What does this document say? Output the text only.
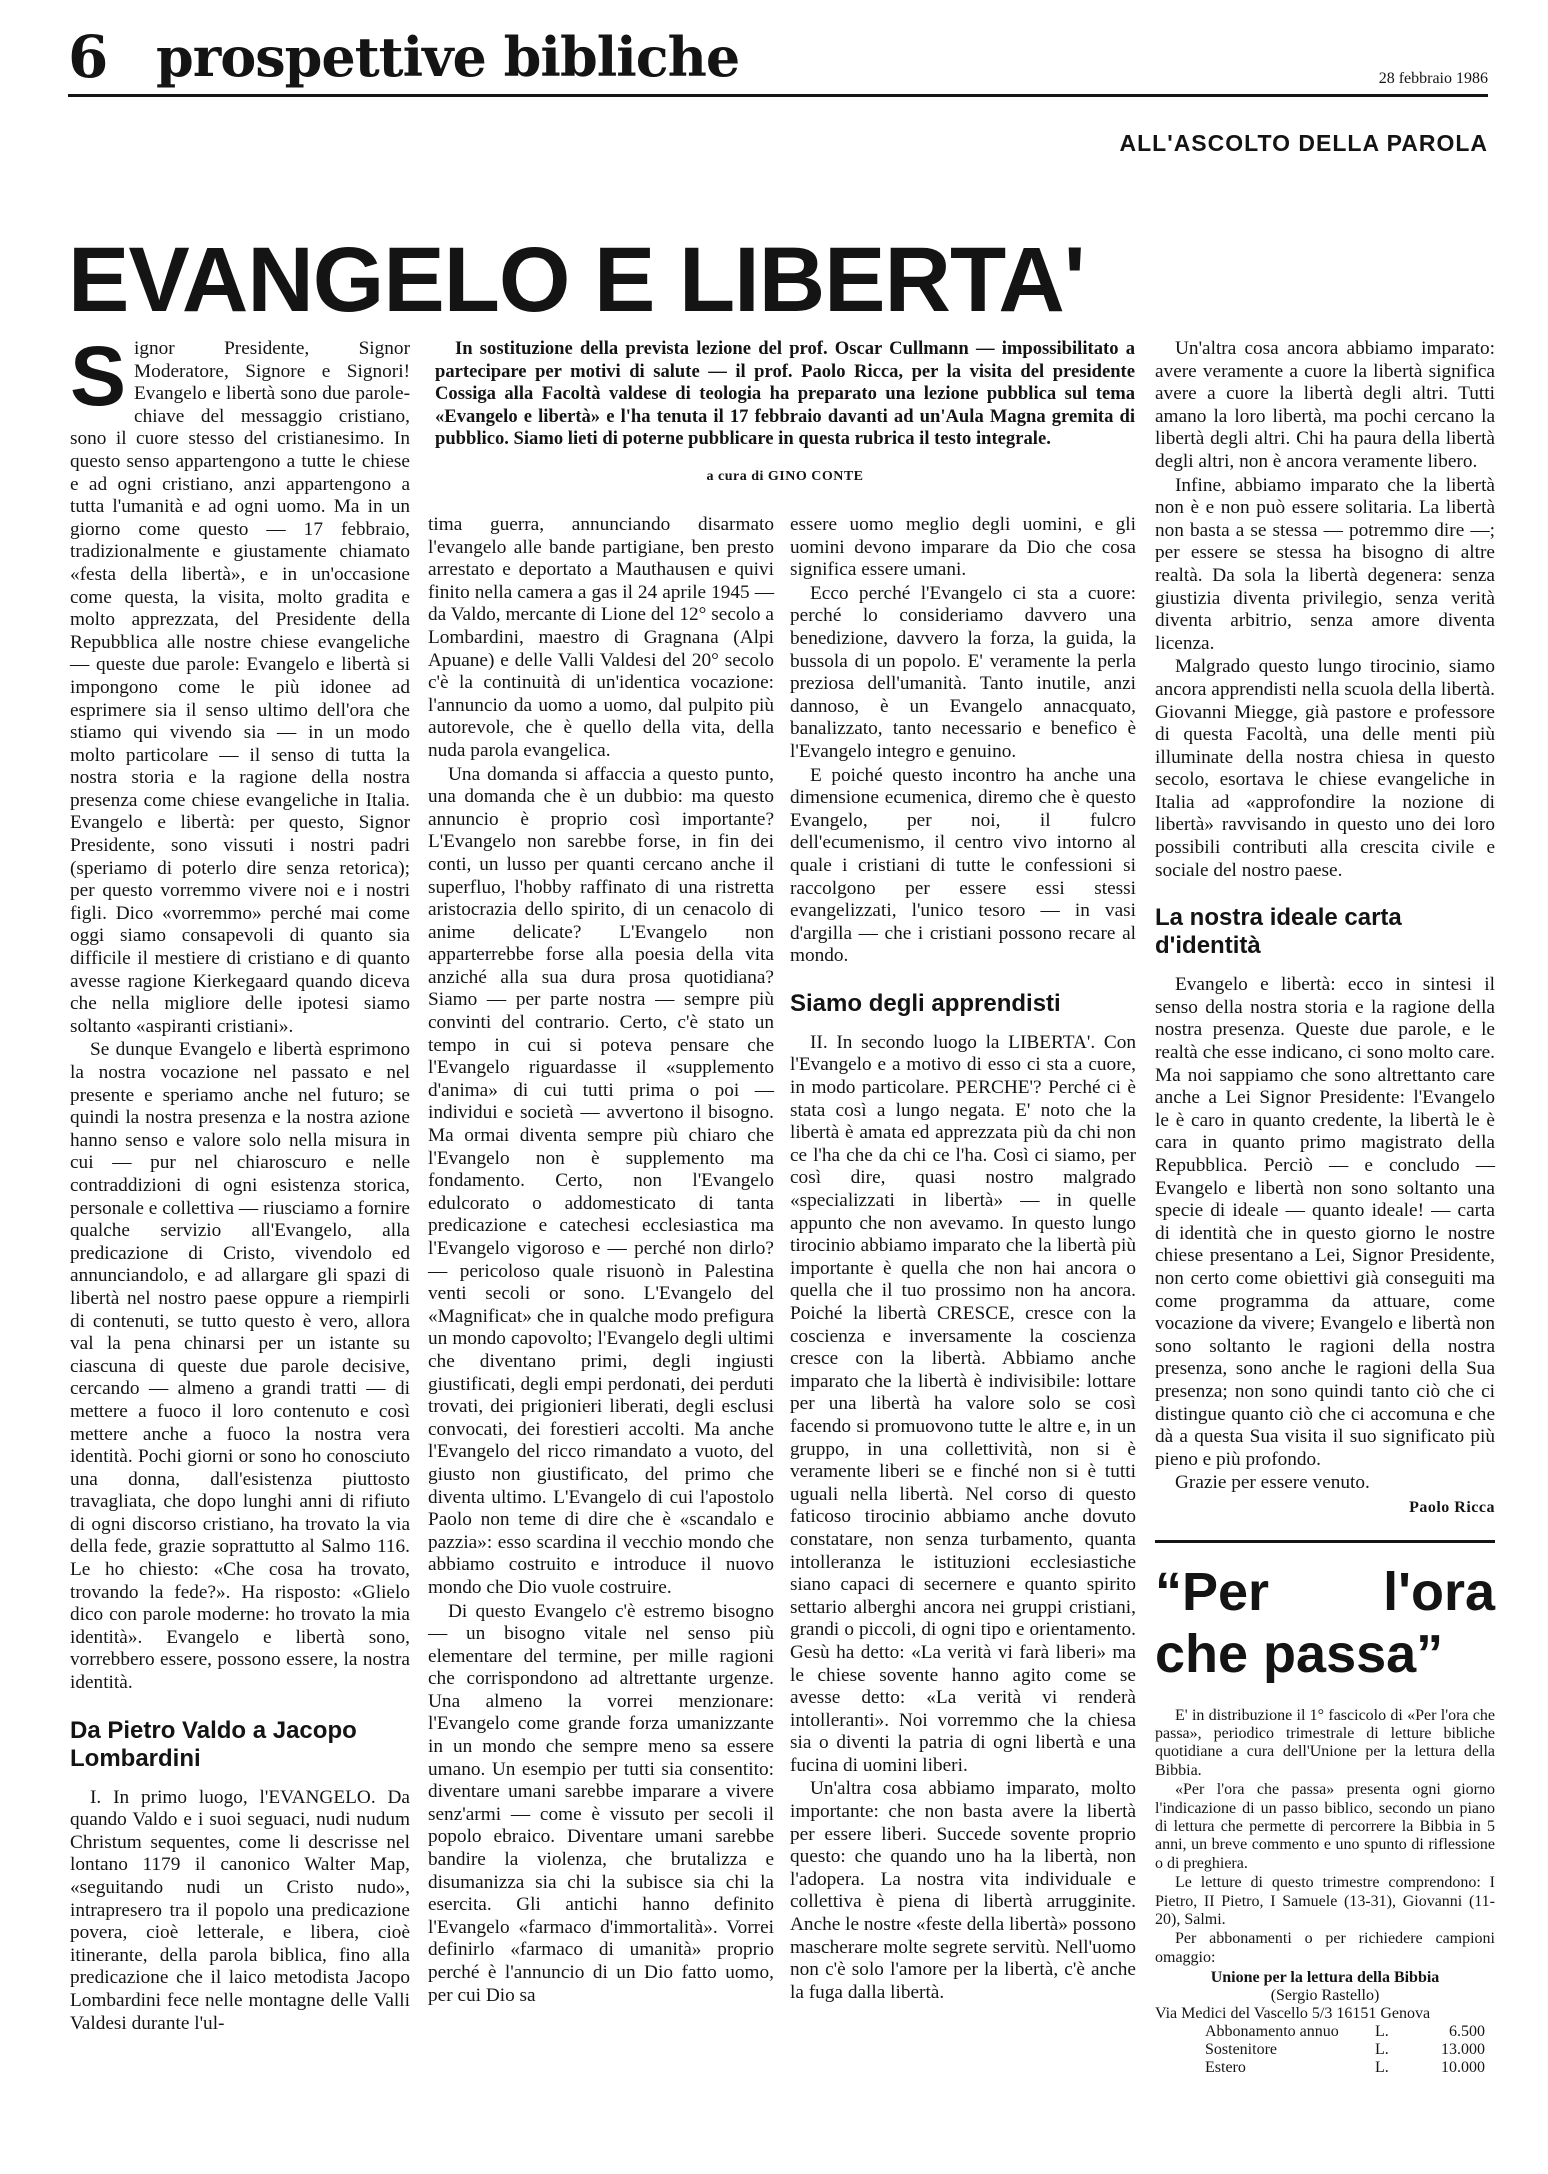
6 prospettive bibliche	28 febbraio 1986
ALL'ASCOLTO DELLA PAROLA
EVANGELO E LIBERTA'

In sostituzione della prevista lezione del prof. Oscar Cullmann — impossibilitato a partecipare per motivi di salute — il prof. Paolo Ricca, per la visita del presidente Cossiga alla Facoltà valdese di teologia ha preparato una lezione pubblica sul tema «Evangelo e libertà» e l'ha tenuta il 17 febbraio davanti ad un'Aula Magna gremita di pubblico. Siamo lieti di poterne pubblicare in questa rubrica il testo integrale.

a cura di GINO CONTE

Signor Presidente, Signor Moderatore, Signore e Signori! Evangelo e libertà sono due parole-chiave del messaggio cristiano, sono il cuore stesso del cristianesimo. In questo senso appartengono a tutte le chiese e ad ogni cristiano, anzi appartengono a tutta l'umanità e ad ogni uomo. Ma in un giorno come questo — 17 febbraio, tradizionalmente e giustamente chiamato «festa della libertà», e in un'occasione come questa, la visita, molto gradita e molto apprezzata, del Presidente della Repubblica alle nostre chiese evangeliche — queste due parole: Evangelo e libertà si impongono come le più idonee ad esprimere sia il senso ultimo dell'ora che stiamo qui vivendo sia — in un modo molto particolare — il senso di tutta la nostra storia e la ragione della nostra presenza come chiese evangeliche in Italia. Evangelo e libertà: per questo, Signor Presidente, sono vissuti i nostri padri (speriamo di poterlo dire senza retorica); per questo vorremmo vivere noi e i nostri figli. Dico «vorremmo» perché mai come oggi siamo consapevoli di quanto sia difficile il mestiere di cristiano e di quanto avesse ragione Kierkegaard quando diceva che nella migliore delle ipotesi siamo soltanto «aspiranti cristiani».

Se dunque Evangelo e libertà esprimono la nostra vocazione nel passato e nel presente e speriamo anche nel futuro; se quindi la nostra presenza e la nostra azione hanno senso e valore solo nella misura in cui — pur nel chiaroscuro e nelle contraddizioni di ogni esistenza storica, personale e collettiva — riusciamo a fornire qualche servizio all'Evangelo, alla predicazione di Cristo, vivendolo ed annunciandolo, e ad allargare gli spazi di libertà nel nostro paese oppure a riempirli di contenuti, se tutto questo è vero, allora val la pena chinarsi per un istante su ciascuna di queste due parole decisive, cercando — almeno a grandi tratti — di mettere a fuoco il loro contenuto e così mettere anche a fuoco la nostra vera identità. Pochi giorni or sono ho conosciuto una donna, dall'esistenza piuttosto travagliata, che dopo lunghi anni di rifiuto di ogni discorso cristiano, ha trovato la via della fede, grazie soprattutto al Salmo 116. Le ho chiesto: «Che cosa ha trovato, trovando la fede?». Ha risposto: «Glielo dico con parole moderne: ho trovato la mia identità». Evangelo e libertà sono, vorrebbero essere, possono essere, la nostra identità.

Da Pietro Valdo a Jacopo Lombardini

I. In primo luogo, l'EVANGELO. Da quando Valdo e i suoi seguaci, nudi nudum Christum sequentes, come li descrisse nel lontano 1179 il canonico Walter Map, «seguitando nudi un Cristo nudo», intrapresero tra il popolo una predicazione povera, cioè letterale, e libera, cioè itinerante, della parola biblica, fino alla predicazione che il laico metodista Jacopo Lombardini fece nelle montagne delle Valli Valdesi durante l'ul-

tima guerra, annunciando disarmato l'evangelo alle bande partigiane, ben presto arrestato e deportato a Mauthausen e quivi finito nella camera a gas il 24 aprile 1945 — da Valdo, mercante di Lione del 12° secolo a Lombardini, maestro di Gragnana (Alpi Apuane) e delle Valli Valdesi del 20° secolo c'è la continuità di un'identica vocazione: l'annuncio da uomo a uomo, dal pulpito più autorevole, che è quello della vita, della nuda parola evangelica.

Una domanda si affaccia a questo punto, una domanda che è un dubbio: ma questo annuncio è proprio così importante? L'Evangelo non sarebbe forse, in fin dei conti, un lusso per quanti cercano anche il superfluo, l'hobby raffinato di una ristretta aristocrazia dello spirito, di un cenacolo di anime delicate? L'Evangelo non apparterrebbe forse alla poesia della vita anziché alla sua dura prosa quotidiana? Siamo — per parte nostra — sempre più convinti del contrario. Certo, c'è stato un tempo in cui si poteva pensare che l'Evangelo riguardasse il «supplemento d'anima» di cui tutti prima o poi — individui e società — avvertono il bisogno. Ma ormai diventa sempre più chiaro che l'Evangelo non è supplemento ma fondamento. Certo, non l'Evangelo edulcorato o addomesticato di tanta predicazione e catechesi ecclesiastica ma l'Evangelo vigoroso e — perché non dirlo? — pericoloso quale risuonò in Palestina venti secoli or sono. L'Evangelo del «Magnificat» che in qualche modo prefigura un mondo capovolto; l'Evangelo degli ultimi che diventano primi, degli ingiusti giustificati, degli empi perdonati, dei perduti trovati, dei prigionieri liberati, degli esclusi convocati, dei forestieri accolti. Ma anche l'Evangelo del ricco rimandato a vuoto, del giusto non giustificato, del primo che diventa ultimo. L'Evangelo di cui l'apostolo Paolo non teme di dire che è «scandalo e pazzia»: esso scardina il vecchio mondo che abbiamo costruito e introduce il nuovo mondo che Dio vuole costruire.

Di questo Evangelo c'è estremo bisogno — un bisogno vitale nel senso più elementare del termine, per mille ragioni che corrispondono ad altrettante urgenze. Una almeno la vorrei menzionare: l'Evangelo come grande forza umanizzante in un mondo che sempre meno sa essere umano. Un esempio per tutti sia consentito: diventare umani sarebbe imparare a vivere senz'armi — come è vissuto per secoli il popolo ebraico. Diventare umani sarebbe bandire la violenza, che brutalizza e disumanizza sia chi la subisce sia chi la esercita. Gli antichi hanno definito l'Evangelo «farmaco d'immortalità». Vorrei definirlo «farmaco di umanità» proprio perché è l'annuncio di un Dio fatto uomo, per cui Dio sa

essere uomo meglio degli uomini, e gli uomini devono imparare da Dio che cosa significa essere umani.

Ecco perché l'Evangelo ci sta a cuore: perché lo consideriamo davvero una benedizione, davvero la forza, la guida, la bussola di un popolo. E' veramente la perla preziosa dell'umanità. Tanto inutile, anzi dannoso, è un Evangelo annacquato, banalizzato, tanto necessario e benefico è l'Evangelo integro e genuino.

E poiché questo incontro ha anche una dimensione ecumenica, diremo che è questo Evangelo, per noi, il fulcro dell'ecumenismo, il centro vivo intorno al quale i cristiani di tutte le confessioni si raccolgono per essere essi stessi evangelizzati, l'unico tesoro — in vasi d'argilla — che i cristiani possono recare al mondo.

Siamo degli apprendisti

II. In secondo luogo la LIBERTA'. Con l'Evangelo e a motivo di esso ci sta a cuore, in modo particolare. PERCHE'? Perché ci è stata così a lungo negata. E' noto che la libertà è amata ed apprezzata più da chi non ce l'ha che da chi ce l'ha. Così ci siamo, per così dire, quasi nostro malgrado «specializzati in libertà» — in quelle appunto che non avevamo. In questo lungo tirocinio abbiamo imparato che la libertà più importante è quella che non hai ancora o quella che il tuo prossimo non ha ancora. Poiché la libertà CRESCE, cresce con la coscienza e inversamente la coscienza cresce con la libertà. Abbiamo anche imparato che la libertà è indivisibile: lottare per una libertà ha valore solo se così facendo si promuovono tutte le altre e, in un gruppo, in una collettività, non si è veramente liberi se e finché non si è tutti uguali nella libertà. Nel corso di questo faticoso tirocinio abbiamo anche dovuto constatare, non senza turbamento, quanta intolleranza le istituzioni ecclesiastiche siano capaci di secernere e quanto spirito settario alberghi ancora nei gruppi cristiani, grandi o piccoli, di ogni tipo e orientamento. Gesù ha detto: «La verità vi farà liberi» ma le chiese sovente hanno agito come se avesse detto: «La verità vi renderà intolleranti». Noi vorremmo che la chiesa sia o diventi la patria di ogni libertà e una fucina di uomini liberi.

Un'altra cosa abbiamo imparato, molto importante: che non basta avere la libertà per essere liberi. Succede sovente proprio questo: che quando uno ha la libertà, non l'adopera. La nostra vita individuale e collettiva è piena di libertà arrugginite. Anche le nostre «feste della libertà» possono mascherare molte segrete servitù. Nell'uomo non c'è solo l'amore per la libertà, c'è anche la fuga dalla libertà.

Un'altra cosa ancora abbiamo imparato: avere veramente a cuore la libertà significa avere a cuore la libertà degli altri. Tutti amano la loro libertà, ma pochi cercano la libertà degli altri. Chi ha paura della libertà degli altri, non è ancora veramente libero.

Infine, abbiamo imparato che la libertà non è e non può essere solitaria. La libertà non basta a se stessa — potremmo dire —; per essere se stessa ha bisogno di altre realtà. Da sola la libertà degenera: senza giustizia diventa privilegio, senza verità diventa arbitrio, senza amore diventa licenza.

Malgrado questo lungo tirocinio, siamo ancora apprendisti nella scuola della libertà. Giovanni Miegge, già pastore e professore di questa Facoltà, una delle menti più illuminate della nostra chiesa in questo secolo, esortava le chiese evangeliche in Italia ad «approfondire la nozione di libertà» ravvisando in questo uno dei loro possibili contributi alla crescita civile e sociale del nostro paese.

La nostra ideale carta d'identità

Evangelo e libertà: ecco in sintesi il senso della nostra storia e la ragione della nostra presenza. Queste due parole, e le realtà che esse indicano, ci sono molto care. Ma noi sappiamo che sono altrettanto care anche a Lei Signor Presidente: l'Evangelo le è caro in quanto credente, la libertà le è cara in quanto primo magistrato della Repubblica. Perciò — e concludo — Evangelo e libertà non sono soltanto una specie di ideale — quanto ideale! — carta di identità che in questo giorno le nostre chiese presentano a Lei, Signor Presidente, non certo come obiettivi già conseguiti ma come programma da attuare, come vocazione da vivere; Evangelo e libertà non sono soltanto le ragioni della nostra presenza, sono anche le ragioni della Sua presenza; non sono quindi tanto ciò che ci distingue quanto ciò che ci accomuna e che dà a questa Sua visita il suo significato più pieno e più profondo.

Grazie per essere venuto.

Paolo Ricca

“Per l'ora che passa”

E' in distribuzione il 1° fascicolo di «Per l'ora che passa», periodico trimestrale di letture bibliche quotidiane a cura dell'Unione per la lettura della Bibbia.

«Per l'ora che passa» presenta ogni giorno l'indicazione di un passo biblico, secondo un piano di lettura che permette di percorrere la Bibbia in 5 anni, un breve commento e uno spunto di riflessione o di preghiera.

Le letture di questo trimestre comprendono: I Pietro, II Pietro, I Samuele (13-31), Giovanni (11-20), Salmi.

Per abbonamenti o per richiedere campioni omaggio:

Unione per la lettura della Bibbia
(Sergio Rastello)
Via Medici del Vascello 5/3 16151 Genova
Abbonamento annuo	L.	6.500
Sostenitore	L.	13.000
Estero	L.	10.000
